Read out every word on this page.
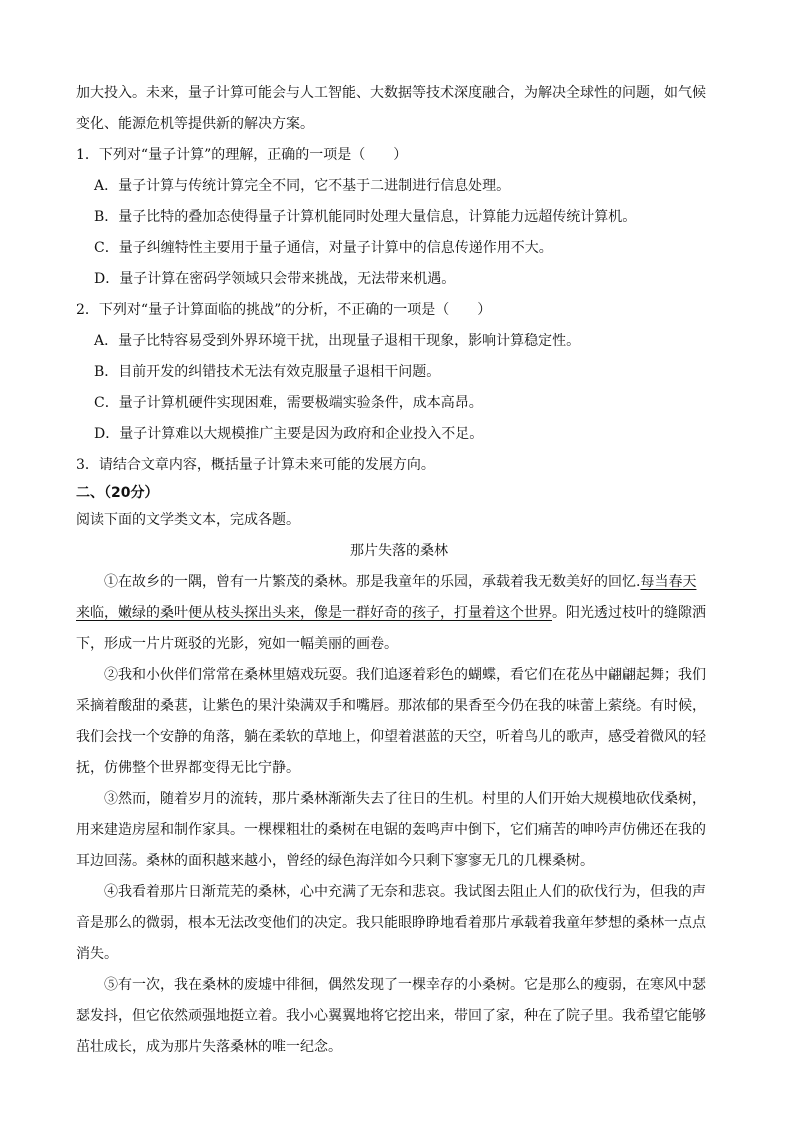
加大投入。未来，量子计算可能会与人工智能、大数据等技术深度融合，为解决全球性的问题，如气候
变化、能源危机等提供新的解决方案。
1．下列对“量子计算”的理解，正确的一项是（　　）
A．量子计算与传统计算完全不同，它不基于二进制进行信息处理。
B．量子比特的叠加态使得量子计算机能同时处理大量信息，计算能力远超传统计算机。
C．量子纠缠特性主要用于量子通信，对量子计算中的信息传递作用不大。
D．量子计算在密码学领域只会带来挑战，无法带来机遇。
2．下列对“量子计算面临的挑战”的分析，不正确的一项是（　　）
A．量子比特容易受到外界环境干扰，出现量子退相干现象，影响计算稳定性。
B．目前开发的纠错技术无法有效克服量子退相干问题。
C．量子计算机硬件实现困难，需要极端实验条件，成本高昂。
D．量子计算难以大规模推广主要是因为政府和企业投入不足。
3．请结合文章内容，概括量子计算未来可能的发展方向。
二、（20分）
阅读下面的文学类文本，完成各题。
那片失落的桑林
①在故乡的一隅，曾有一片繁茂的桑林。那是我童年的乐园，承载着我无数美好的回忆.每当春天
来临，嫩绿的桑叶便从枝头探出头来，像是一群好奇的孩子，打量着这个世界。阳光透过枝叶的缝隙洒
下，形成一片片斑驳的光影，宛如一幅美丽的画卷。
②我和小伙伴们常常在桑林里嬉戏玩耍。我们追逐着彩色的蝴蝶，看它们在花丛中翩翩起舞；我们
采摘着酸甜的桑葚，让紫色的果汁染满双手和嘴唇。那浓郁的果香至今仍在我的味蕾上萦绕。有时候，
我们会找一个安静的角落，躺在柔软的草地上，仰望着湛蓝的天空，听着鸟儿的歌声，感受着微风的轻
抚，仿佛整个世界都变得无比宁静。
③然而，随着岁月的流转，那片桑林渐渐失去了往日的生机。村里的人们开始大规模地砍伐桑树，
用来建造房屋和制作家具。一棵棵粗壮的桑树在电锯的轰鸣声中倒下，它们痛苦的呻吟声仿佛还在我的
耳边回荡。桑林的面积越来越小，曾经的绿色海洋如今只剩下寥寥无几的几棵桑树。
④我看着那片日渐荒芜的桑林，心中充满了无奈和悲哀。我试图去阻止人们的砍伐行为，但我的声
音是那么的微弱，根本无法改变他们的决定。我只能眼睁睁地看着那片承载着我童年梦想的桑林一点点
消失。
⑤有一次，我在桑林的废墟中徘徊，偶然发现了一棵幸存的小桑树。它是那么的瘦弱，在寒风中瑟
瑟发抖，但它依然顽强地挺立着。我小心翼翼地将它挖出来，带回了家，种在了院子里。我希望它能够
茁壮成长，成为那片失落桑林的唯一纪念。
